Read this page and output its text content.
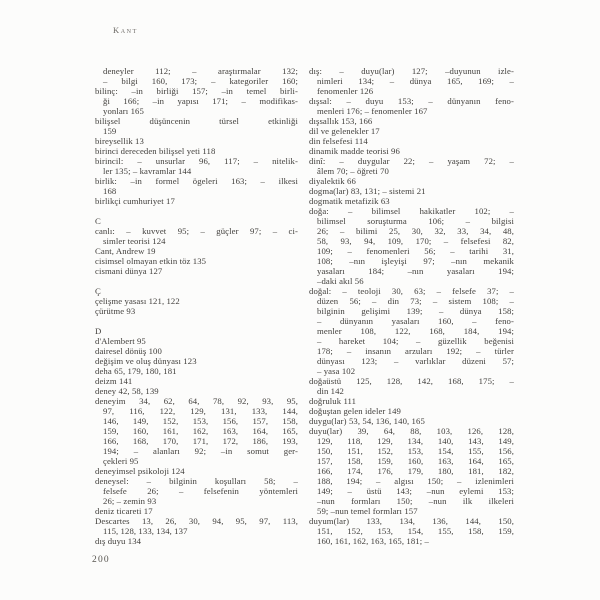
Kant
deneyler 112; – araştırmalar 132;
– bilgi 160, 173; – kategoriler 160;
bilinç: –in birliği 157; –in temel birli-
ği 166; –in yapısı 171; – modifikas-
yonları 165
bilişsel düşüncenin türsel etkinliği
159
bireysellik 13
birinci dereceden bilişsel yeti 118
birincil: – unsurlar 96, 117; – nitelik-
ler 135; – kavramlar 144
birlik: –in formel ögeleri 163; – ilkesi
168
birlikçi cumhuriyet 17
C
canlı: – kuvvet 95; – güçler 97; – ci-
simler teorisi 124
Cant, Andrew 19
cisimsel olmayan etkin töz 135
cismani dünya 127
Ç
çelişme yasası 121, 122
çürütme 93
D
d'Alembert 95
dairesel dönüş 100
değişim ve oluş dünyası 123
deha 65, 179, 180, 181
deizm 141
deney 42, 58, 139
deneyim 34, 62, 64, 78, 92, 93, 95,
97, 116, 122, 129, 131, 133, 144,
146, 149, 152, 153, 156, 157, 158,
159, 160, 161, 162, 163, 164, 165,
166, 168, 170, 171, 172, 186, 193,
194; – alanları 92; –in somut ger-
çekleri 95
deneyimsel psikoloji 124
deneysel: – bilginin koşulları 58; –
felsefe 26; – felsefenin yöntemleri
26; – zemin 93
deniz ticareti 17
Descartes 13, 26, 30, 94, 95, 97, 113,
115, 128, 133, 134, 137
dış duyu 134
dış: – duyu(lar) 127; –duyunun izle-
nimleri 134; – dünya 165, 169; –
fenomenler 126
dışsal: – duyu 153; – dünyanın feno-
menleri 176; – fenomenler 167
dışsallık 153, 166
dil ve gelenekler 17
din felsefesi 114
dinamik madde teorisi 96
dinî: – duygular 22; – yaşam 72; –
âlem 70; – öğreti 70
diyalektik 66
dogma(lar) 83, 131; – sistemi 21
dogmatik metafizik 63
doğa: – bilimsel hakikatler 102; –
bilimsel soruşturma 106; – bilgisi
26; – bilimi 25, 30, 32, 33, 34, 48,
58, 93, 94, 109, 170; – felsefesi 82,
109; – fenomenleri 56; – tarihi 31,
108; –nın işleyişi 97; –nın mekanik
yasaları 184; –nın yasaları 194;
–daki akıl 56
doğal: – teoloji 30, 63; – felsefe 37; –
düzen 56; – din 73; – sistem 108; –
bilginin gelişimi 139; – dünya 158;
– dünyanın yasaları 160, – feno-
menler 108, 122, 168, 184, 194;
– hareket 104; – güzellik beğenisi
178; – insanın arzuları 192; – türler
dünyası 123; – varlıklar düzeni 57;
– yasa 102
doğaüstü 125, 128, 142, 168, 175; –
din 142
doğruluk 111
doğuştan gelen ideler 149
duygu(lar) 53, 54, 136, 140, 165
duyu(lar) 39, 64, 88, 103, 126, 128,
129, 118, 129, 134, 140, 143, 149,
150, 151, 152, 153, 154, 155, 156,
157, 158, 159, 160, 163, 164, 165,
166, 174, 176, 179, 180, 181, 182,
188, 194; – algısı 150; – izlenimleri
149; – üstü 143; –nun eylemi 153;
–nun formları 150; –nun ilk ilkeleri
59; –nun temel formları 157
duyum(lar) 133, 134, 136, 144, 150,
151, 152, 153, 154, 155, 158, 159,
160, 161, 162, 163, 165, 181; –
200
